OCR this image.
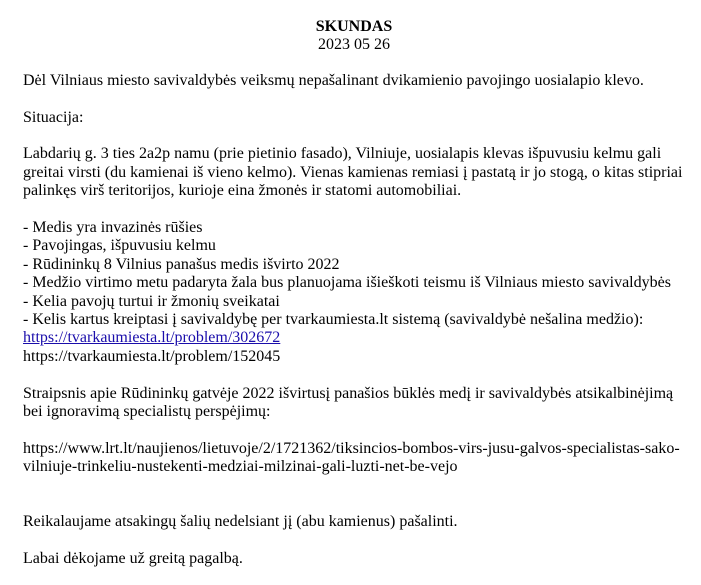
SKUNDAS
2023 05 26

Dėl Vilniaus miesto savivaldybės veiksmų nepašalinant dvikamienio pavojingo uosialapio klevo.

Situacija:

Labdarių g. 3 ties 2a2p namu (prie pietinio fasado), Vilniuje, uosialapis klevas išpuvusiu kelmu gali greitai virsti (du kamienai iš vieno kelmo). Vienas kamienas remiasi į pastatą ir jo stogą, o kitas stipriai palinkęs virš teritorijos, kurioje eina žmonės ir statomi automobiliai.

- Medis yra invazinės rūšies
- Pavojingas, išpuvusiu kelmu
- Rūdininkų 8 Vilnius panašus medis išvirto 2022
- Medžio virtimo metu padaryta žala bus planuojama išieškoti teismu iš Vilniaus miesto savivaldybės
- Kelia pavojų turtui ir žmonių sveikatai
- Kelis kartus kreiptasi į savivaldybę per tvarkaumiesta.lt sistemą (savivaldybė nešalina medžio):
https://tvarkaumiesta.lt/problem/302672
https://tvarkaumiesta.lt/problem/152045

Straipsnis apie Rūdininkų gatvėje 2022 išvirtusį panašios būklės medį ir savivaldybės atsikalbinėjimą bei ignoravimą specialistų perspėjimų:

https://www.lrt.lt/naujienos/lietuvoje/2/1721362/tiksincios-bombos-virs-jusu-galvos-specialistas-sako-vilniuje-trinkeliu-nustekenti-medziai-milzinai-gali-luzti-net-be-vejo

Reikalaujame atsakingų šalių nedelsiant jį (abu kamienus) pašalinti.

Labai dėkojame už greitą pagalbą.
